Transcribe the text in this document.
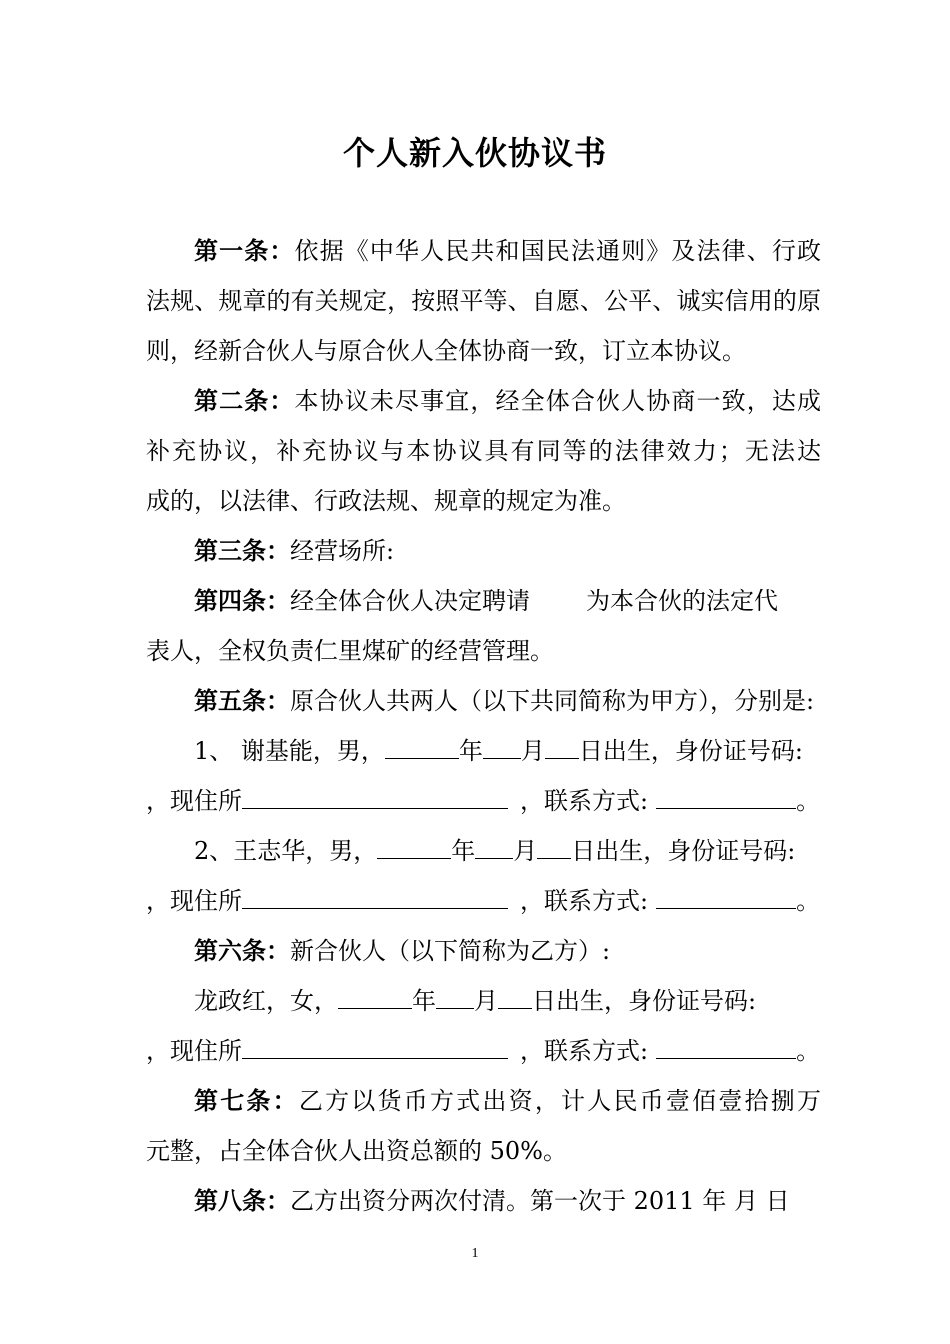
个人新入伙协议书
第一条：依据《中华人民共和国民法通则》及法律、行政
法规、规章的有关规定，按照平等、自愿、公平、诚实信用的原
则，经新合伙人与原合伙人全体协商一致，订立本协议。
第二条：本协议未尽事宜，经全体合伙人协商一致，达成
补充协议，补充协议与本协议具有同等的法律效力；无法达
成的，以法律、行政法规、规章的规定为准。
第三条：经营场所:
第四条：经全体合伙人决定聘请 为本合伙的法定代
表人，全权负责仁里煤矿的经营管理。
第五条：原合伙人共两人（以下共同简称为甲方），分别是:
1、 谢基能，男，	年 月 日出生，身份证号码:
，现住所	，联系方式:	。
2、王志华，男，	年 月 日出生，身份证号码:
，现住所	，联系方式:	。
第六条：新合伙人（以下简称为乙方）:
龙政红，女，	年 月 日出生，身份证号码:
，现住所	，联系方式:	。
第七条：乙方以货币方式出资，计人民币壹佰壹拾捌万
元整，占全体合伙人出资总额的 50%。
第八条：乙方出资分两次付清。第一次于 2011 年 月 日
1
